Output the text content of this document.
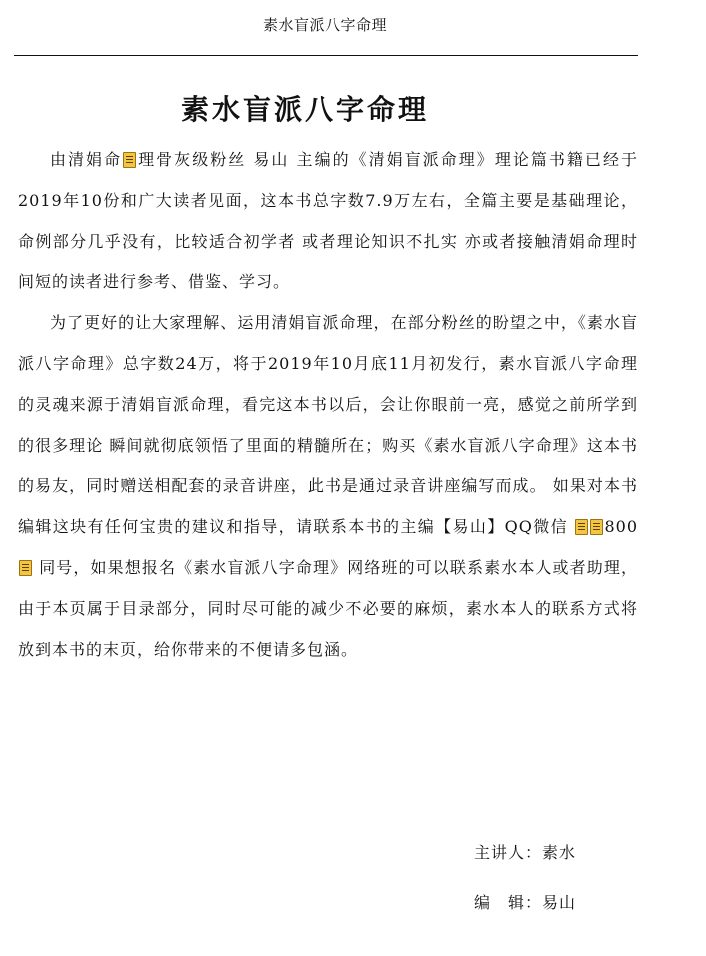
素水盲派八字命理
素水盲派八字命理

由清娟命 理骨灰级粉丝 易山 主编的《清娟盲派命理》理论篇书籍已经于2019年10份和广大读者见面，这本书总字数7.9万左右，全篇主要是基础理论，命例部分几乎没有，比较适合初学者 或者理论知识不扎实 亦或者接触清娟命理时间短的读者进行参考、借鉴、学习。

为了更好的让大家理解、运用清娟盲派命理，在部分粉丝的盼望之中，《素水盲派八字命理》总字数24万，将于2019年10月底11月初发行，素水盲派八字命理的灵魂来源于清娟盲派命理，看完这本书以后，会让你眼前一亮，感觉之前所学到的很多理论 瞬间就彻底领悟了里面的精髓所在；购买《素水盲派八字命理》这本书的易友，同时赠送相配套的录音讲座，此书是通过录音讲座编写而成。 如果对本书编辑这块有任何宝贵的建议和指导，请联系本书的主编【易山】QQ微信 800 同号，如果想报名《素水盲派八字命理》网络班的可以联系素水本人或者助理，由于本页属于目录部分，同时尽可能的减少不必要的麻烦，素水本人的联系方式将放到本书的末页，给你带来的不便请多包涵。

主讲人：素水
编　辑：易山
